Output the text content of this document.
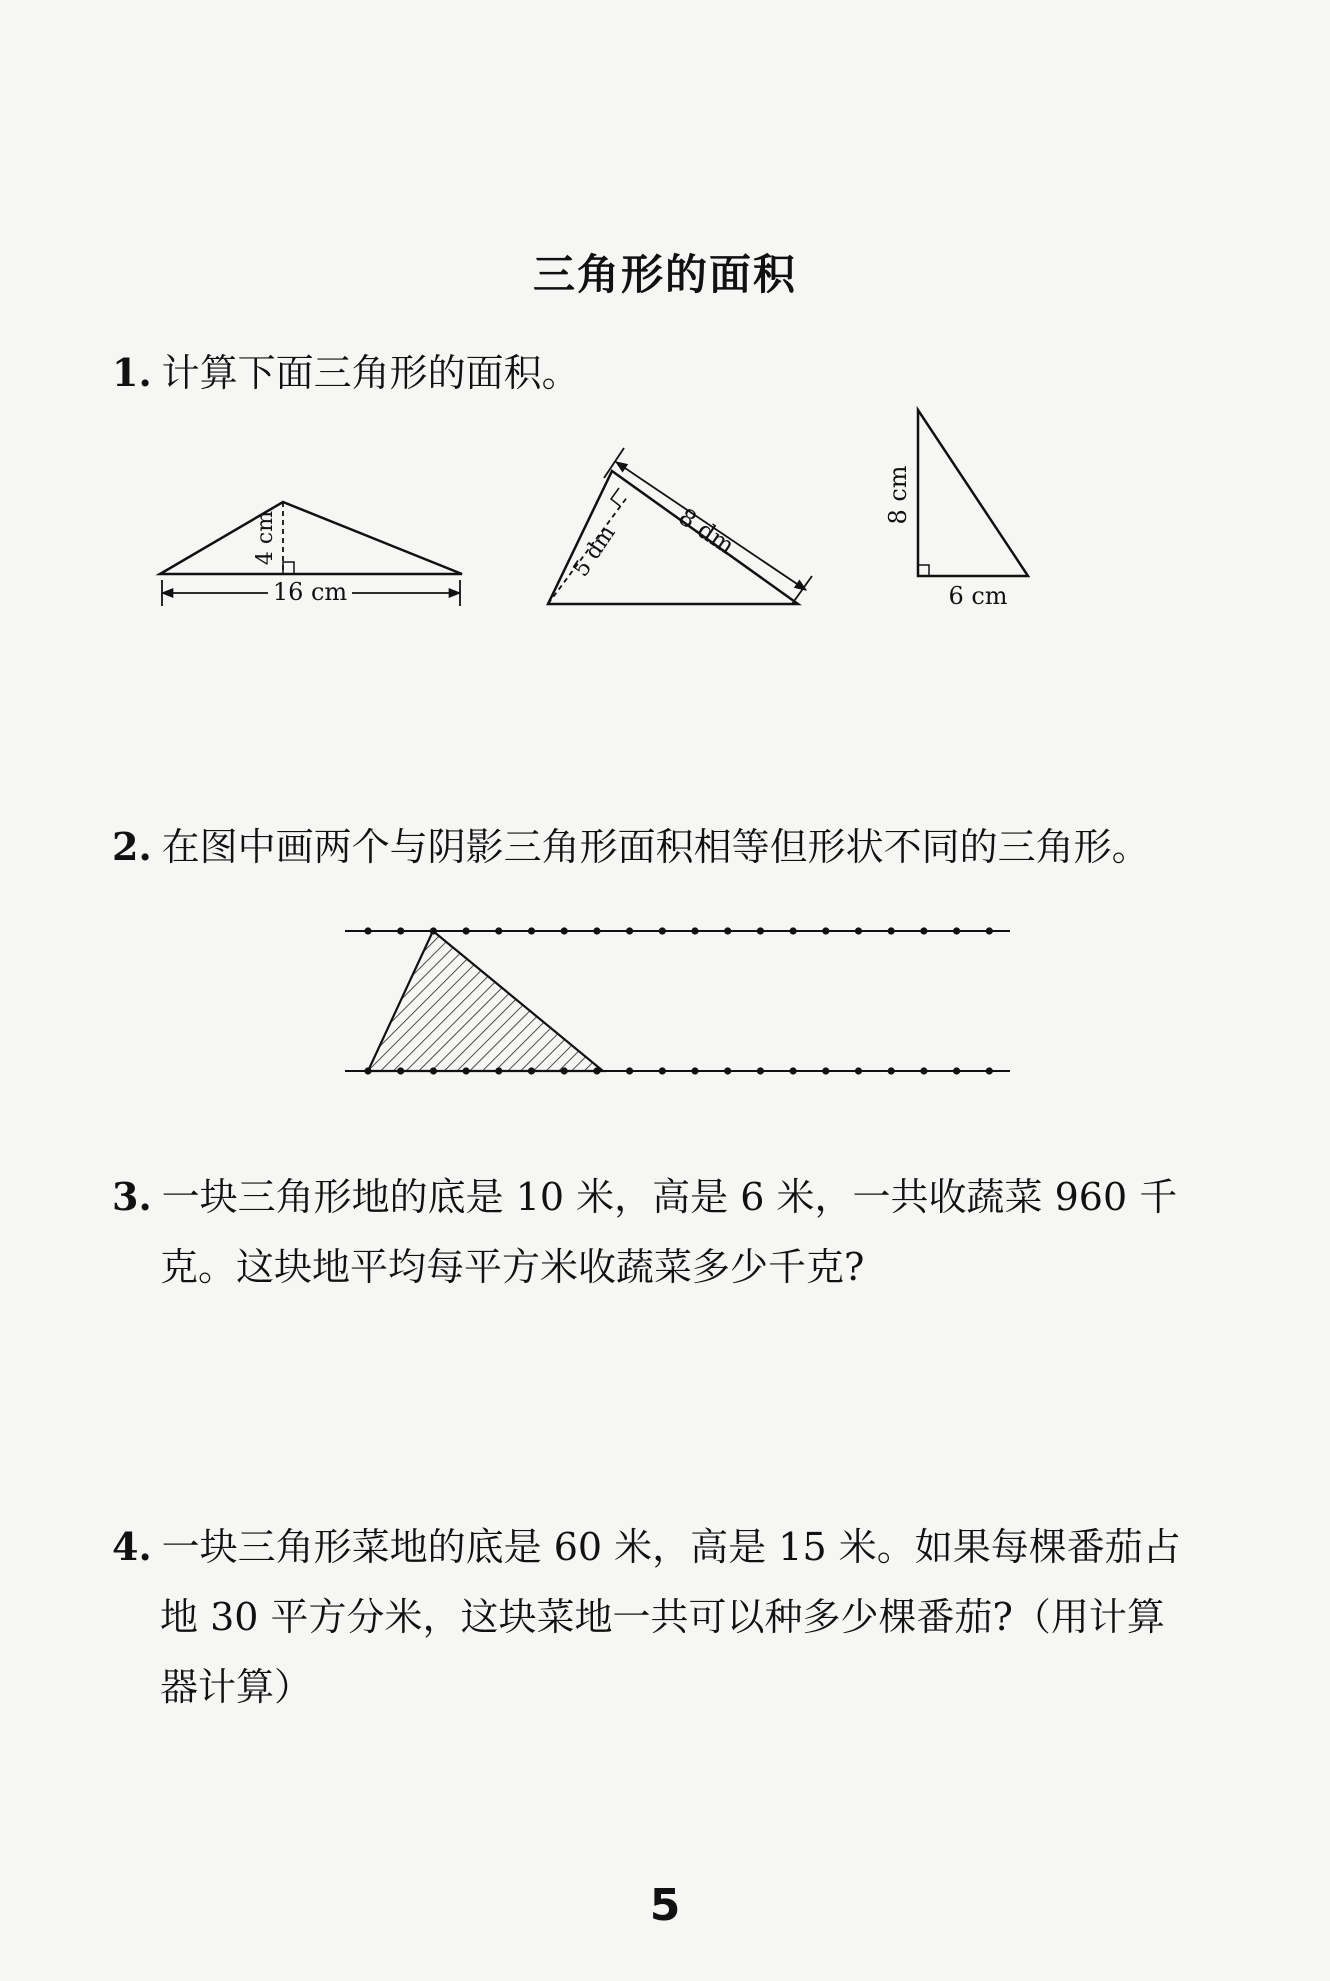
三角形的面积
1. 计算下面三角形的面积。
16 cm
4 cm	8 dm
5 dm
8 cm
6 cm
2. 在图中画两个与阴影三角形面积相等但形状不同的三角形。
3. 一块三角形地的底是 10 米，高是 6 米，一共收蔬菜 960 千
克。这块地平均每平方米收蔬菜多少千克?
4. 一块三角形菜地的底是 60 米，高是 15 米。如果每棵番茄占
地 30 平方分米，这块菜地一共可以种多少棵番茄?（用计算
器计算）
5
